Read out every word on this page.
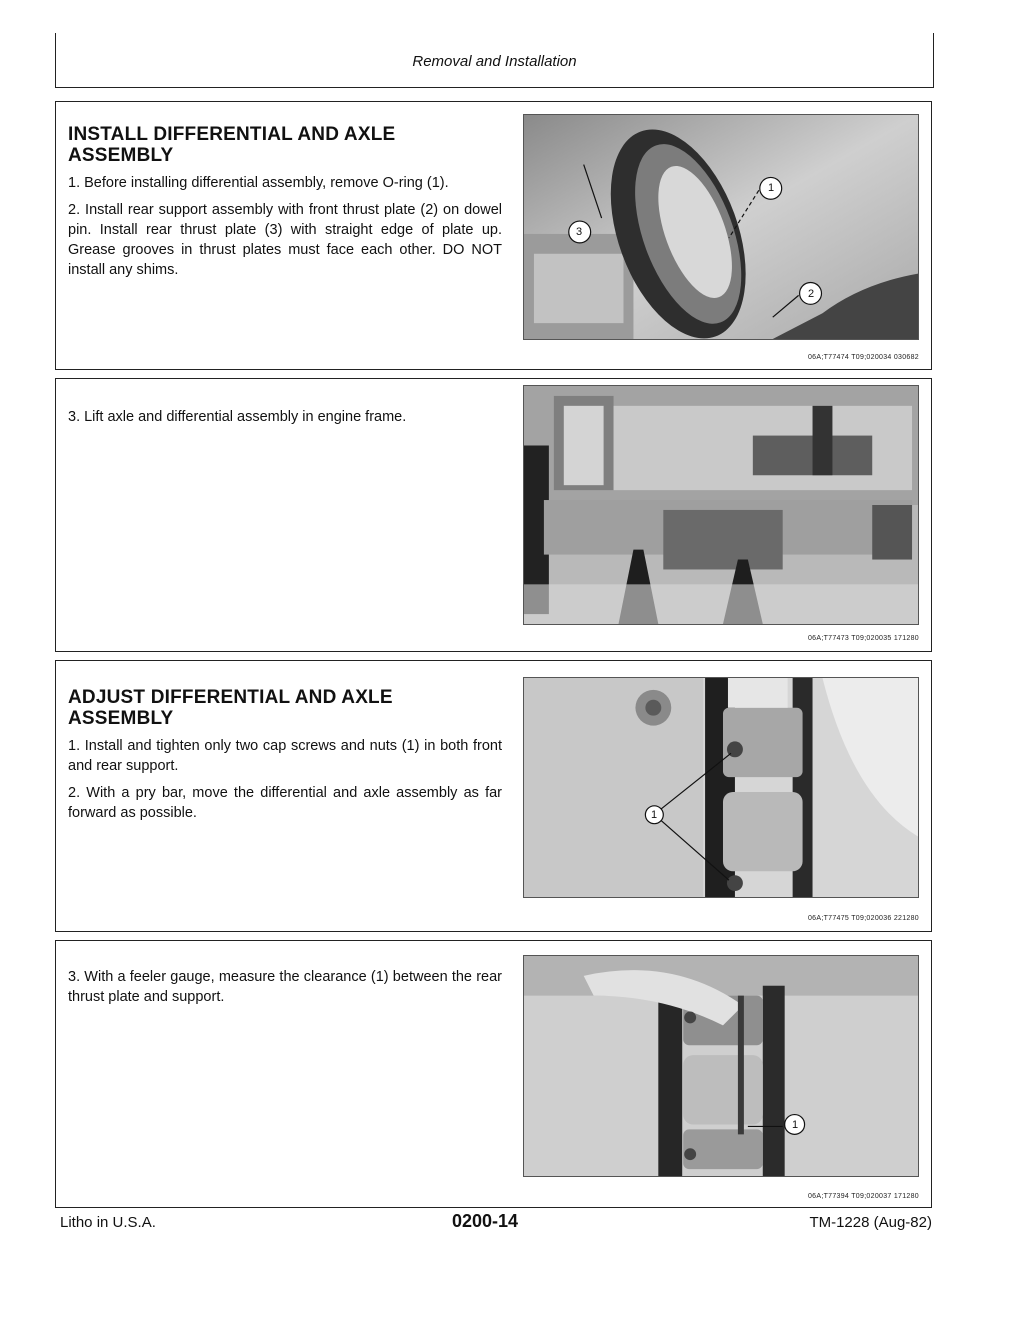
Removal and Installation
INSTALL DIFFERENTIAL AND AXLE ASSEMBLY
1. Before installing differential assembly, remove O-ring (1).
2. Install rear support assembly with front thrust plate (2) on dowel pin. Install rear thrust plate (3) with straight edge of plate up. Grease grooves in thrust plates must face each other. DO NOT install any shims.
1
2
3
06A;T77474 T09;020034 030682
3. Lift axle and differential assembly in engine frame.
06A;T77473 T09;020035 171280
ADJUST DIFFERENTIAL AND AXLE ASSEMBLY
1. Install and tighten only two cap screws and nuts (1) in both front and rear support.
2. With a pry bar, move the differential and axle assembly as far forward as possible.	1
06A;T77475 T09;020036 221280
3. With a feeler gauge, measure the clearance (1) between the rear thrust plate and support.
1
06A;T77394 T09;020037 171280
Litho in U.S.A.	0200-14	TM-1228 (Aug-82)
